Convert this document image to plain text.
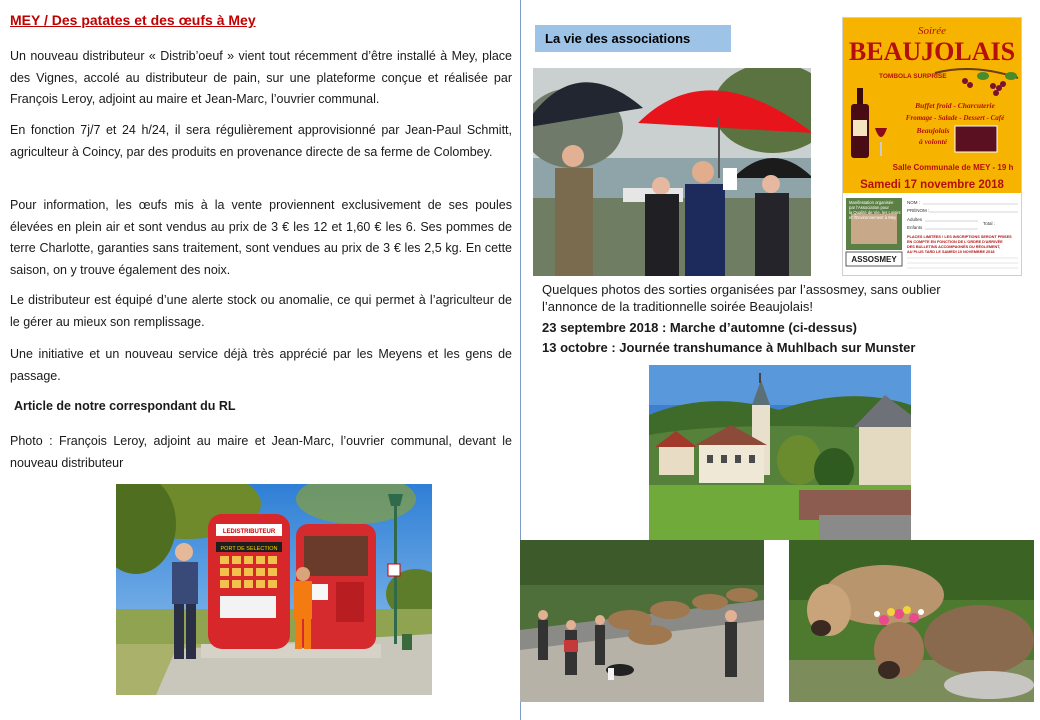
MEY / Des patates et des œufs à Mey
Un nouveau distributeur « Distrib’oeuf » vient tout récemment d’être installé à Mey, place des Vignes, accolé au distributeur de pain, sur une plateforme conçue et réalisée par François Leroy, adjoint au maire et Jean-Marc, l’ouvrier communal.
En fonction 7j/7 et 24 h/24, il sera régulièrement approvisionné par Jean-Paul Schmitt, agriculteur à Coincy, par des produits en provenance directe de sa ferme de Colombey.
Pour information, les œufs mis à la vente proviennent exclusivement de ses poules élevées en plein air et sont vendus au prix de 3 € les 12 et 1,60 € les 6. Ses pommes de terre Charlotte, garanties sans traitement, sont vendues au prix de 3 € les 2,5 kg. En cette saison, on y trouve également des noix.
Le distributeur est équipé d’une alerte stock ou anomalie, ce qui permet à l’agriculteur de le gérer au mieux son remplissage.
Une initiative et un nouveau service déjà très apprécié par les Meyens et les gens de passage.
Article de notre correspondant du RL
Photo : François Leroy, adjoint au maire et Jean-Marc, l’ouvrier communal, devant le nouveau distributeur
LEDISTRIBUTEUR
PORT DE SELECTION
La vie des associations	Soirée
BEAUJOLAIS
TOMBOLA SURPRISE
Buffet froid - Charcuterie
Fromage - Salade - Dessert - Café
Beaujolais
à volonté
Salle Communale de MEY - 19 h
Samedi 17 novembre 2018
Manifestation organisée
par l'Association pour
la Qualité de Vie, les Loisirs
et l'Environnement à Mey
ASSOSMEY
NOM :
PRÉNOM :
Adultes
Enfants
Total :
PLACES LIMITÉES ! LES INSCRIPTIONS SERONT PRISES
EN COMPTE EN FONCTION DE L'ORDRE D'ARRIVÉE
DES BULLETINS ACCOMPAGNÉS DU RÈGLEMENT,
AU PLUS TARD LE SAMEDI 10 NOVEMBRE 2018
Quelques photos des sorties organisées par l’assosmey, sans oublier l’annonce de la traditionnelle soirée Beaujolais!
23 septembre 2018 : Marche d’automne (ci-dessus)
13 octobre : Journée transhumance à Muhlbach sur Munster
